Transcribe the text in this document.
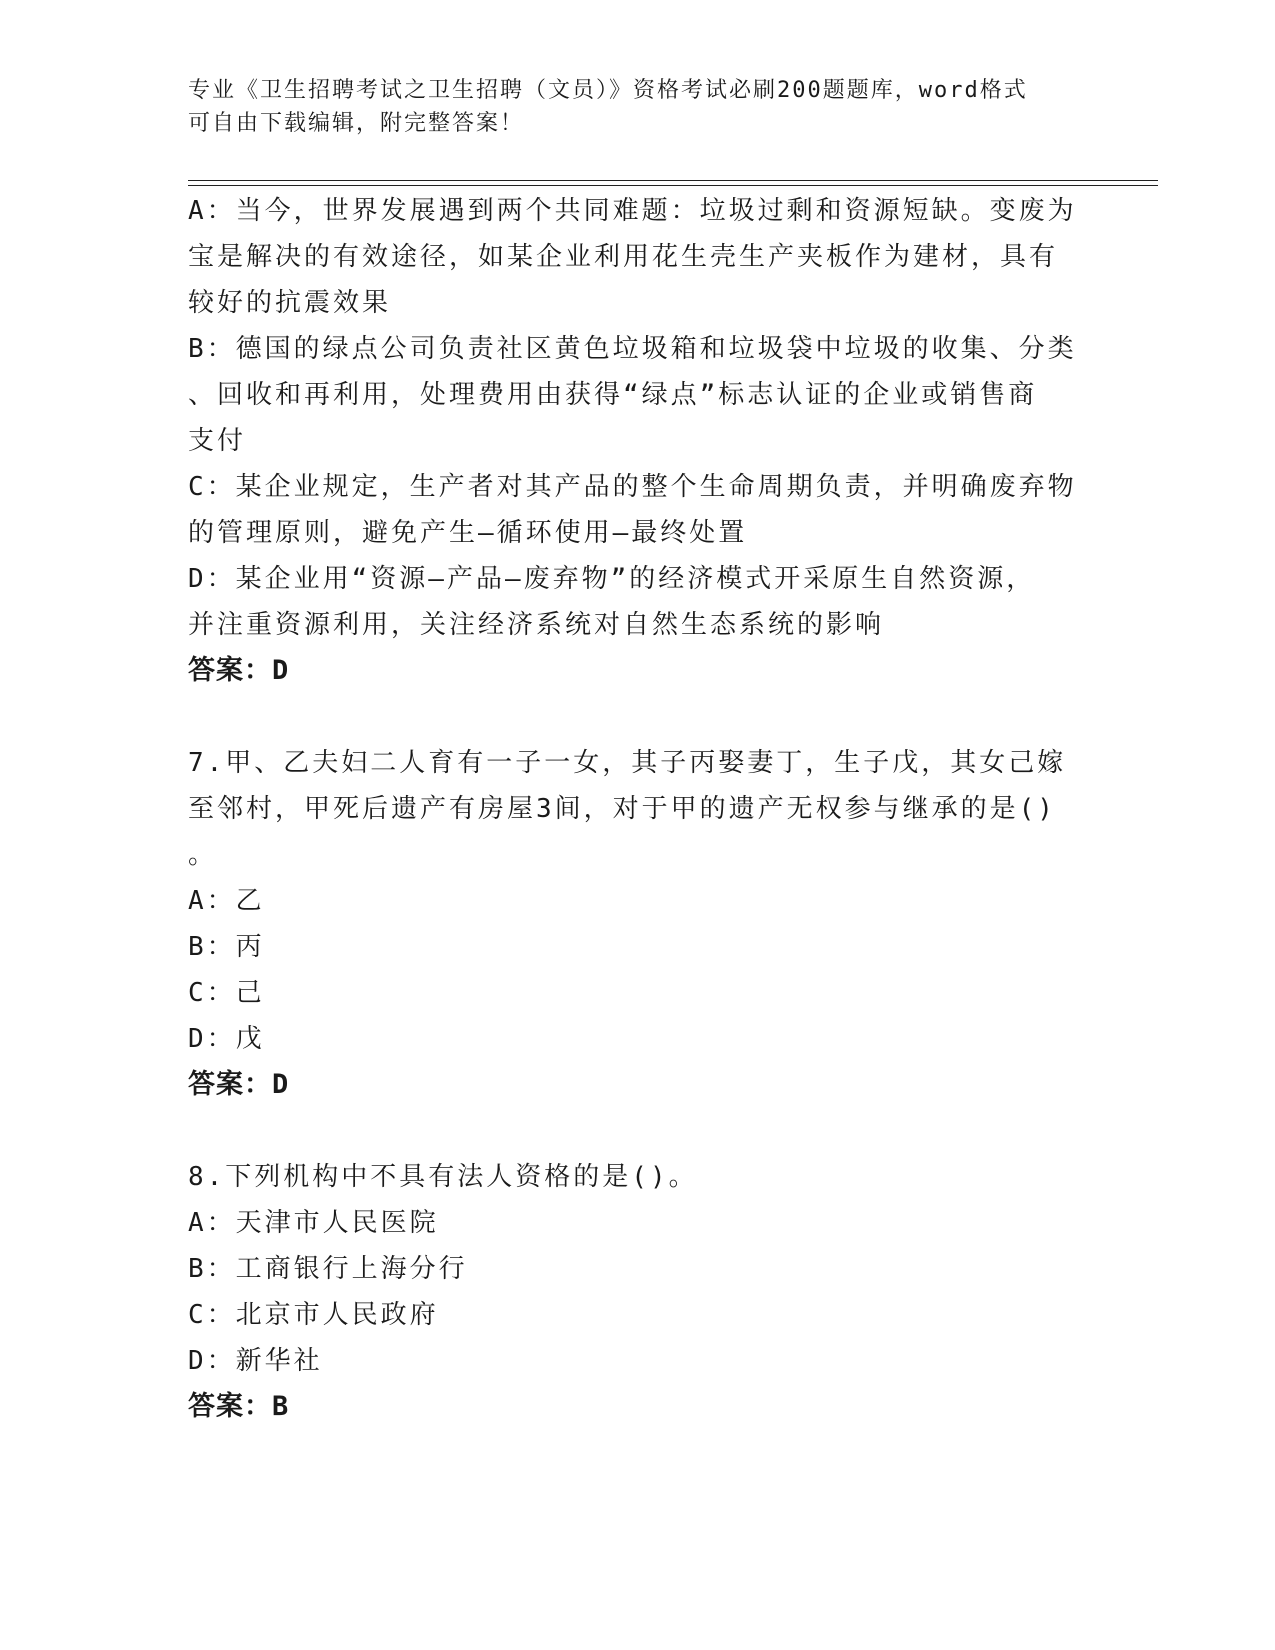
专业《卫生招聘考试之卫生招聘（文员）》资格考试必刷200题题库，word格式
可自由下载编辑，附完整答案！
A：当今，世界发展遇到两个共同难题：垃圾过剩和资源短缺。变废为
宝是解决的有效途径，如某企业利用花生壳生产夹板作为建材，具有
较好的抗震效果
B：德国的绿点公司负责社区黄色垃圾箱和垃圾袋中垃圾的收集、分类
、回收和再利用，处理费用由获得“绿点”标志认证的企业或销售商
支付
C：某企业规定，生产者对其产品的整个生命周期负责，并明确废弃物
的管理原则，避免产生—循环使用—最终处置
D：某企业用“资源—产品—废弃物”的经济模式开采原生自然资源，
并注重资源利用，关注经济系统对自然生态系统的影响
答案：D
7.甲、乙夫妇二人育有一子一女，其子丙娶妻丁，生子戊，其女己嫁
至邻村，甲死后遗产有房屋3间，对于甲的遗产无权参与继承的是()
。
A：乙
B：丙
C：己
D：戊
答案：D
8.下列机构中不具有法人资格的是()。
A：天津市人民医院
B：工商银行上海分行
C：北京市人民政府
D：新华社
答案：B
